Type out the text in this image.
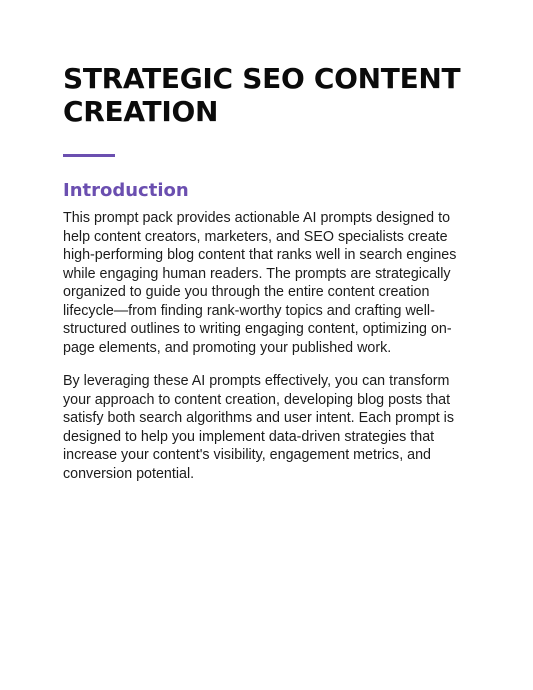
STRATEGIC SEO CONTENT CREATION
Introduction

This prompt pack provides actionable AI prompts designed to help content creators, marketers, and SEO specialists create high-performing blog content that ranks well in search engines while engaging human readers. The prompts are strategically organized to guide you through the entire content creation lifecycle—from finding rank-worthy topics and crafting well-structured outlines to writing engaging content, optimizing on-page elements, and promoting your published work.

By leveraging these AI prompts effectively, you can transform your approach to content creation, developing blog posts that satisfy both search algorithms and user intent. Each prompt is designed to help you implement data-driven strategies that increase your content's visibility, engagement metrics, and conversion potential.
